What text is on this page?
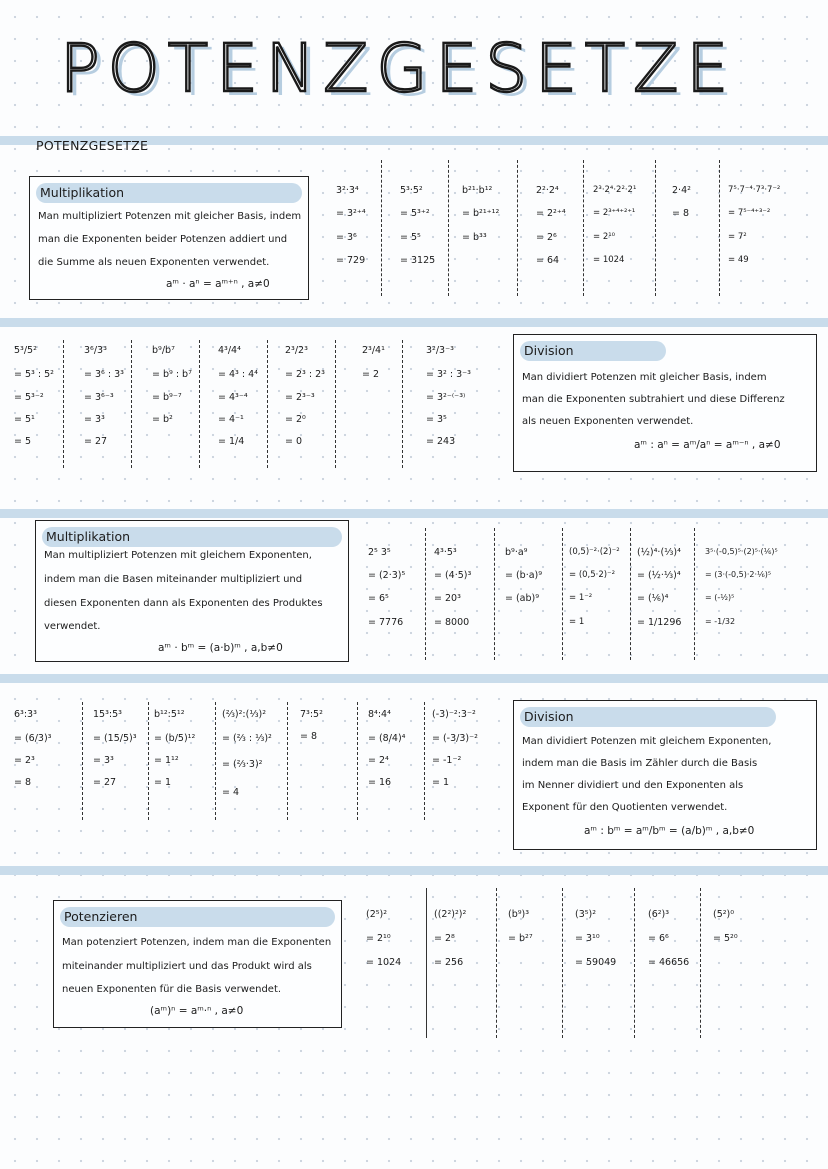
POTENZGESETZE
POTENZGESETZE
Multiplikation
Man multipliziert Potenzen mit gleicher Basis, indem
man die Exponenten beider Potenzen addiert und
die Summe als neuen Exponenten verwendet.
aᵐ · aⁿ = aᵐ⁺ⁿ , a≠0
3²·3⁴
= 3²⁺⁴
= 3⁶
= 729
5³·5²
= 5³⁺²
= 5⁵
= 3125
b²¹·b¹²
= b²¹⁺¹²
= b³³
2²·2⁴
= 2²⁺⁴
= 2⁶
= 64
2³·2⁴·2²·2¹
= 2³⁺⁴⁺²⁺¹
= 2¹⁰
= 1024
2·4²
= 8
7⁵·7⁻⁴·7³·7⁻²
= 7⁵⁻⁴⁺³⁻²
= 7²
= 49
5³/5²
= 5³ : 5²
= 5³⁻²
= 5¹
= 5
3⁶/3³
= 3⁶ : 3³
= 3⁶⁻³
= 3³
= 27
b⁹/b⁷
= b⁹ : b⁷
= b⁹⁻⁷
= b²
4³/4⁴
= 4³ : 4⁴
= 4³⁻⁴
= 4⁻¹
= 1/4
2³/2³
= 2³ : 2³
= 2³⁻³
= 2⁰
= 0
2³/4¹
= 2
3²/3⁻³
= 3² : 3⁻³
= 3²⁻⁽⁻³⁾
= 3⁵
= 243
Division
Man dividiert Potenzen mit gleicher Basis, indem
man die Exponenten subtrahiert und diese Differenz
als neuen Exponenten verwendet.
aᵐ : aⁿ = aᵐ/aⁿ = aᵐ⁻ⁿ , a≠0
Multiplikation
Man multipliziert Potenzen mit gleichem Exponenten,
indem man die Basen miteinander multipliziert und
diesen Exponenten dann als Exponenten des Produktes
verwendet.
aᵐ · bᵐ = (a·b)ᵐ , a,b≠0
2⁵ 3⁵
= (2·3)⁵
= 6⁵
= 7776
4³·5³
= (4·5)³
= 20³
= 8000
b⁹·a⁹
= (b·a)⁹
= (ab)⁹
(0,5)⁻²·(2)⁻²
= (0,5·2)⁻²
= 1⁻²
= 1
(½)⁴·(⅓)⁴
= (½·⅓)⁴
= (⅙)⁴
= 1/1296
3⁵·(-0,5)⁵·(2)⁵·(⅙)⁵
= (3·(-0,5)·2·⅙)⁵
= (-½)⁵
= -1/32
6³:3³
= (6/3)³
= 2³
= 8
15³:5³
= (15/5)³
= 3³
= 27
b¹²:5¹²
= (b/5)¹²
= 1¹²
= 1
(⅔)²:(⅓)²
= (⅔ : ⅓)²
= (⅔·3)²
= 4
7³:5²
= 8
8⁴:4⁴
= (8/4)⁴
= 2⁴
= 16
(-3)⁻²:3⁻²
= (-3/3)⁻²
= -1⁻²
= 1
Division
Man dividiert Potenzen mit gleichem Exponenten,
indem man die Basis im Zähler durch die Basis
im Nenner dividiert und den Exponenten als
Exponent für den Quotienten verwendet.
aᵐ : bᵐ = aᵐ/bᵐ = (a/b)ᵐ , a,b≠0
Potenzieren
Man potenziert Potenzen, indem man die Exponenten
miteinander multipliziert und das Produkt wird als
neuen Exponenten für die Basis verwendet.
(aᵐ)ⁿ = aᵐ·ⁿ , a≠0
(2⁵)²
= 2¹⁰
= 1024
((2²)²)²
= 2⁸
= 256
(b⁹)³
= b²⁷
(3⁵)²
= 3¹⁰
= 59049
(6²)³
= 6⁶
= 46656
(5²)⁰
= 5²⁰
